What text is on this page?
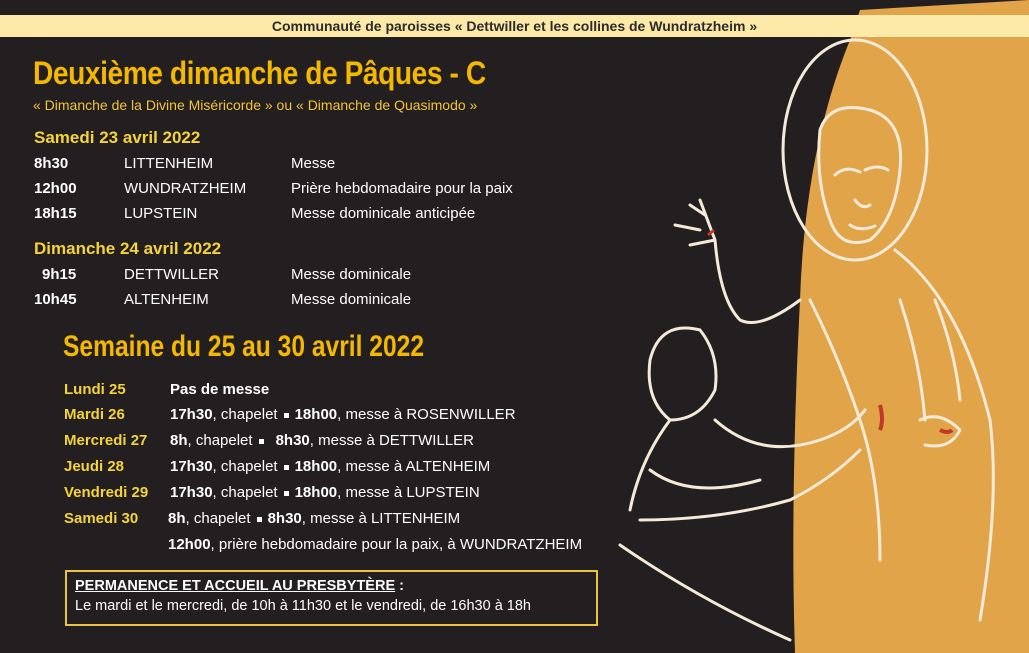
Communauté de paroisses « Dettwiller et les collines de Wundratzheim »
Deuxième dimanche de Pâques - C
« Dimanche de la Divine Miséricorde » ou « Dimanche de Quasimodo »
Samedi 23 avril 2022
8h30	LITTENHEIM	Messe
12h00	WUNDRATZHEIM	Prière hebdomadaire pour la paix
18h15	LUPSTEIN	Messe dominicale anticipée
Dimanche 24 avril 2022
9h15	DETTWILLER	Messe dominicale
10h45	ALTENHEIM	Messe dominicale
Semaine du 25 au 30 avril 2022
Lundi 25	Pas de messe
Mardi 26	17h30, chapelet 18h00, messe à ROSENWILLER
Mercredi 27 8h, chapelet 8h30, messe à DETTWILLER
Jeudi 28	17h30, chapelet 18h00, messe à ALTENHEIM
Vendredi 29 17h30, chapelet 18h00, messe à LUPSTEIN
Samedi 30 8h, chapelet 8h30, messe à LITTENHEIM
12h00, prière hebdomadaire pour la paix, à WUNDRATZHEIM
PERMANENCE ET ACCUEIL AU PRESBYTÈRE :
Le mardi et le mercredi, de 10h à 11h30 et le vendredi, de 16h30 à 18h
